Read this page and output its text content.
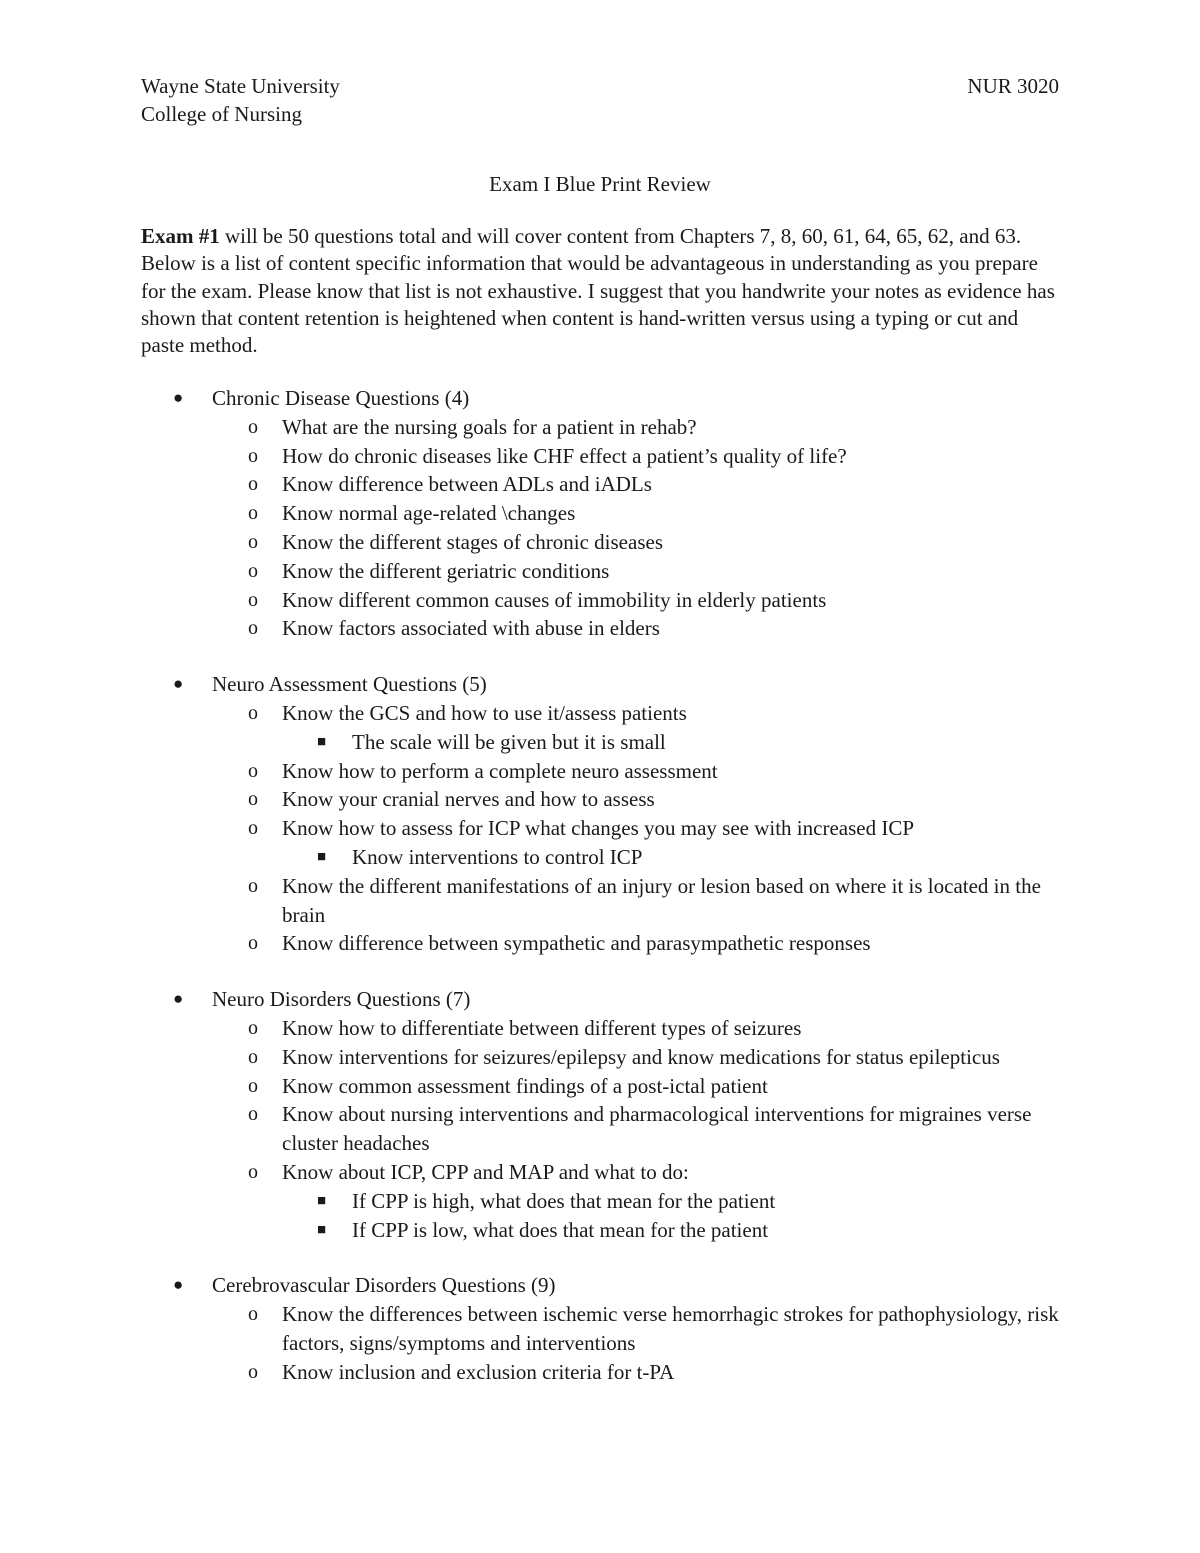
Wayne State University
College of Nursing
NUR 3020
Exam I Blue Print Review
Exam #1 will be 50 questions total and will cover content from Chapters 7, 8, 60, 61, 64, 65, 62, and 63. Below is a list of content specific information that would be advantageous in understanding as you prepare for the exam. Please know that list is not exhaustive. I suggest that you handwrite your notes as evidence has shown that content retention is heightened when content is hand-written versus using a typing or cut and paste method.
● Chronic Disease Questions (4)
o What are the nursing goals for a patient in rehab?
o How do chronic diseases like CHF effect a patient’s quality of life?
o Know difference between ADLs and iADLs
o Know normal age-related \changes
o Know the different stages of chronic diseases
o Know the different geriatric conditions
o Know different common causes of immobility in elderly patients
o Know factors associated with abuse in elders
● Neuro Assessment Questions (5)
o Know the GCS and how to use it/assess patients
■ The scale will be given but it is small
o Know how to perform a complete neuro assessment
o Know your cranial nerves and how to assess
o Know how to assess for ICP what changes you may see with increased ICP
■ Know interventions to control ICP
o Know the different manifestations of an injury or lesion based on where it is located in the brain
o Know difference between sympathetic and parasympathetic responses
● Neuro Disorders Questions (7)
o Know how to differentiate between different types of seizures
o Know interventions for seizures/epilepsy and know medications for status epilepticus
o Know common assessment findings of a post-ictal patient
o Know about nursing interventions and pharmacological interventions for migraines verse cluster headaches
o Know about ICP, CPP and MAP and what to do:
■ If CPP is high, what does that mean for the patient
■ If CPP is low, what does that mean for the patient
● Cerebrovascular Disorders Questions (9)
o Know the differences between ischemic verse hemorrhagic strokes for pathophysiology, risk factors, signs/symptoms and interventions
o Know inclusion and exclusion criteria for t-PA
